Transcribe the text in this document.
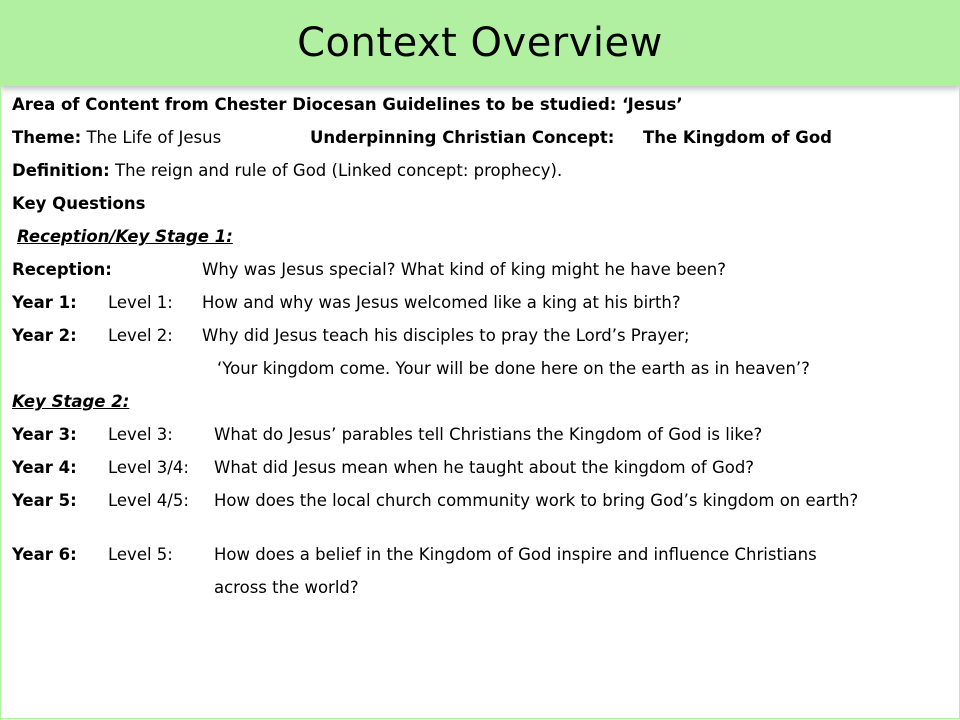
Context Overview
Area of Content from Chester Diocesan Guidelines to be studied: ‘Jesus’
Theme: The Life of Jesus	Underpinning Christian Concept: The Kingdom of God
Definition: The reign and rule of God (Linked concept: prophecy).
Key Questions
Reception/Key Stage 1:
Reception:	Why was Jesus special? What kind of king might he have been?
Year 1: Level 1: How and why was Jesus welcomed like a king at his birth?
Year 2: Level 2: Why did Jesus teach his disciples to pray the Lord’s Prayer;
‘Your kingdom come. Your will be done here on the earth as in heaven’?
Key Stage 2:
Year 3: Level 3: What do Jesus’ parables tell Christians the Kingdom of God is like?
Year 4: Level 3/4: What did Jesus mean when he taught about the kingdom of God?
Year 5: Level 4/5: How does the local church community work to bring God’s kingdom on earth?
Year 6: Level 5: How does a belief in the Kingdom of God inspire and influence Christians
across the world?
